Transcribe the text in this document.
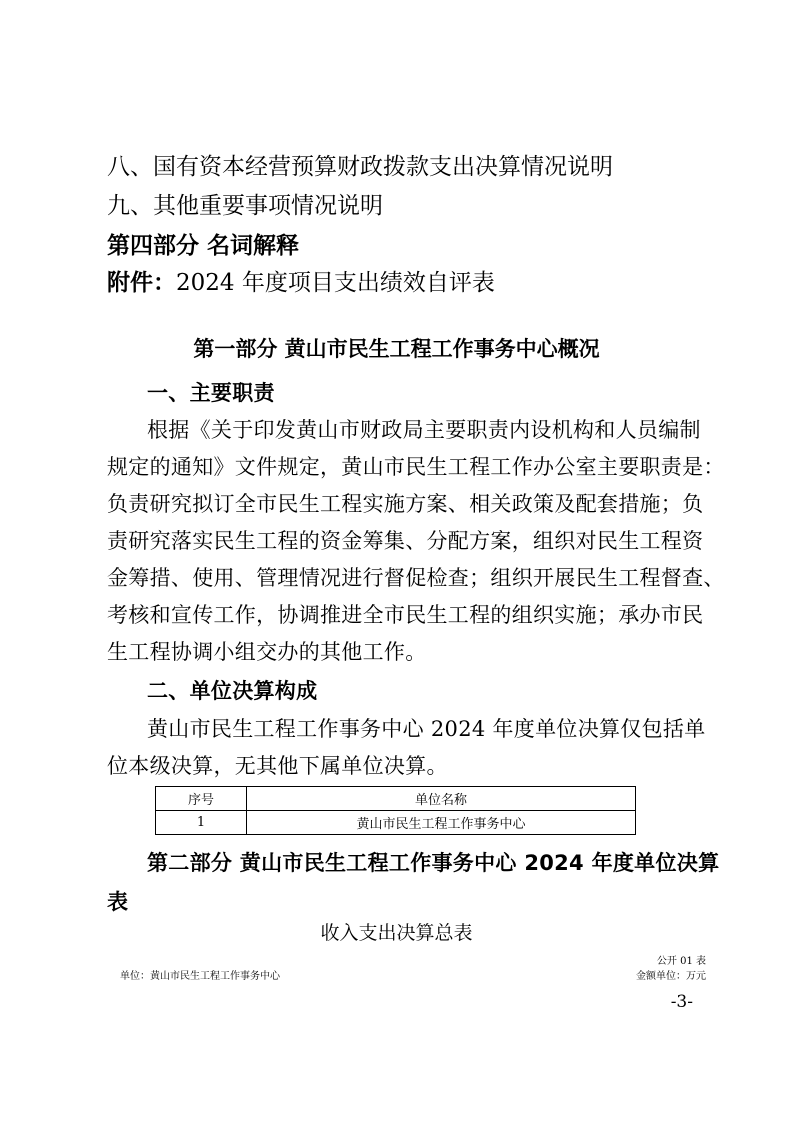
八、国有资本经营预算财政拨款支出决算情况说明
九、其他重要事项情况说明
第四部分 名词解释
附件：2024 年度项目支出绩效自评表
第一部分 黄山市民生工程工作事务中心概况
一、主要职责
根据《关于印发黄山市财政局主要职责内设机构和人员编制
规定的通知》文件规定，黄山市民生工程工作办公室主要职责是：
负责研究拟订全市民生工程实施方案、相关政策及配套措施；负
责研究落实民生工程的资金筹集、分配方案，组织对民生工程资
金筹措、使用、管理情况进行督促检查；组织开展民生工程督查、
考核和宣传工作，协调推进全市民生工程的组织实施；承办市民
生工程协调小组交办的其他工作。
二、单位决算构成
黄山市民生工程工作事务中心 2024 年度单位决算仅包括单
位本级决算，无其他下属单位决算。
序号	单位名称
1	黄山市民生工程工作事务中心
第二部分 黄山市民生工程工作事务中心 2024 年度单位决算
表
收入支出决算总表
公开 01 表
单位：黄山市民生工程工作事务中心	金额单位：万元
-3-
